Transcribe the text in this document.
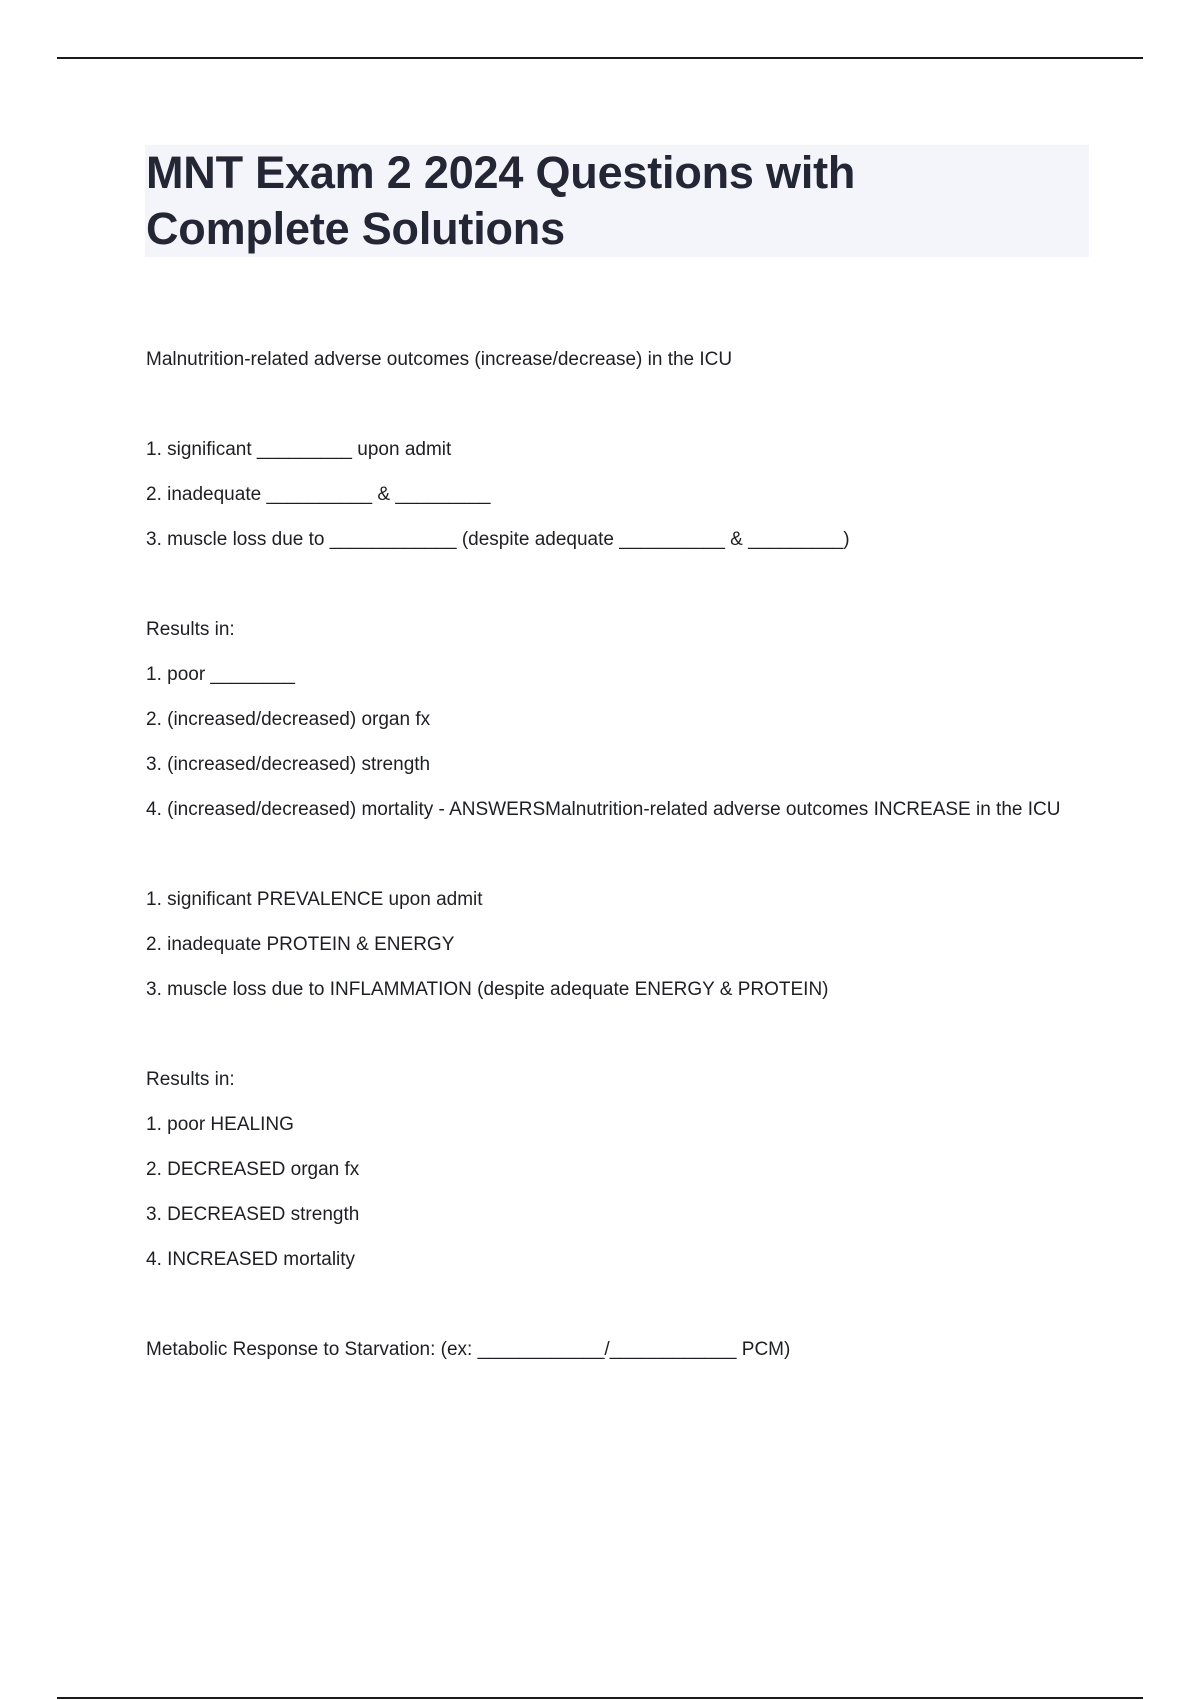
MNT Exam 2 2024 Questions with
Complete Solutions

Malnutrition-related adverse outcomes (increase/decrease) in the ICU

1. significant _________ upon admit

2. inadequate __________ & _________

3. muscle loss due to ____________ (despite adequate __________ & _________)

Results in:

1. poor ________

2. (increased/decreased) organ fx

3. (increased/decreased) strength

4. (increased/decreased) mortality - ANSWERSMalnutrition-related adverse outcomes INCREASE in the ICU

1. significant PREVALENCE upon admit

2. inadequate PROTEIN & ENERGY

3. muscle loss due to INFLAMMATION (despite adequate ENERGY & PROTEIN)

Results in:

1. poor HEALING

2. DECREASED organ fx

3. DECREASED strength

4. INCREASED mortality

Metabolic Response to Starvation: (ex: ____________/____________ PCM)
